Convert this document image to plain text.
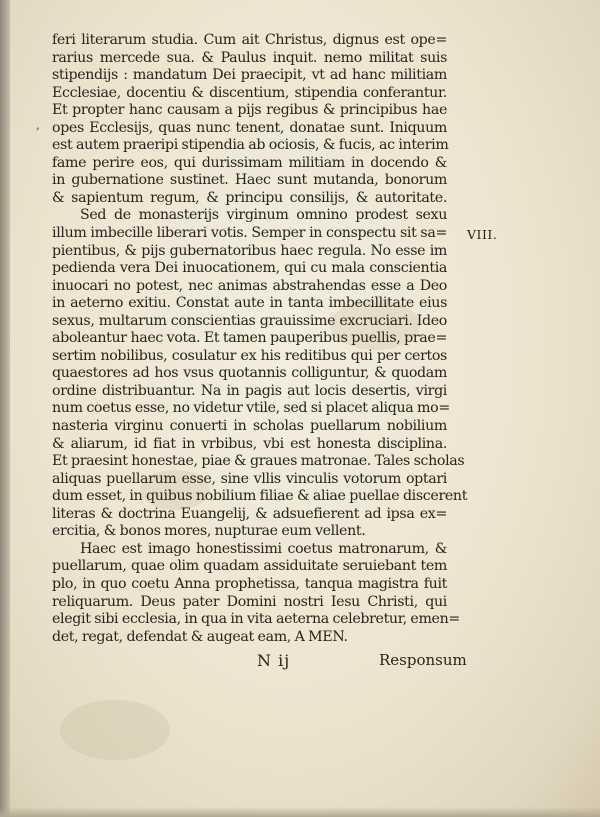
,
feri literarum studia. Cum ait Christus, dignus est ope=
rarius mercede sua. & Paulus inquit. nemo militat suis
stipendijs : mandatum Dei praecipit, vt ad hanc militiam
Ecclesiae, docentiu & discentium, stipendia conferantur.
Et propter hanc causam a pijs regibus & principibus hae
opes Ecclesijs, quas nunc tenent, donatae sunt. Iniquum
est autem praeripi stipendia ab ociosis, & fucis, ac interim
fame perire eos, qui durissimam militiam in docendo &
in gubernatione sustinet. Haec sunt mutanda, bonorum
& sapientum regum, & principu consilijs, & autoritate.
Sed de monasterijs virginum omnino prodest sexu
illum imbecille liberari votis. Semper in conspectu sit sa=
pientibus, & pijs gubernatoribus haec regula. No esse im
pedienda vera Dei inuocationem, qui cu mala conscientia
inuocari no potest, nec animas abstrahendas esse a Deo
in aeterno exitiu. Constat aute in tanta imbecillitate eius
sexus, multarum conscientias grauissime excruciari. Ideo
aboleantur haec vota. Et tamen pauperibus puellis, prae=
sertim nobilibus, cosulatur ex his reditibus qui per certos
quaestores ad hos vsus quotannis colliguntur, & quodam
ordine distribuantur. Na in pagis aut locis desertis, virgi
num coetus esse, no videtur vtile, sed si placet aliqua mo=
nasteria virginu conuerti in scholas puellarum nobilium
& aliarum, id fiat in vrbibus, vbi est honesta disciplina.
Et praesint honestae, piae & graues matronae. Tales scholas
aliquas puellarum esse, sine vllis vinculis votorum optari
dum esset, in quibus nobilium filiae & aliae puellae discerent
literas & doctrina Euangelij, & adsuefierent ad ipsa ex=
ercitia, & bonos mores, nupturae eum vellent.
Haec est imago honestissimi coetus matronarum, &
puellarum, quae olim quadam assiduitate seruiebant tem
plo, in quo coetu Anna prophetissa, tanqua magistra fuit
reliquarum. Deus pater Domini nostri Iesu Christi, qui
elegit sibi ecclesia, in qua in vita aeterna celebretur, emen=
det, regat, defendat & augeat eam, A MEN.
VIII.
N ij	Responsum
